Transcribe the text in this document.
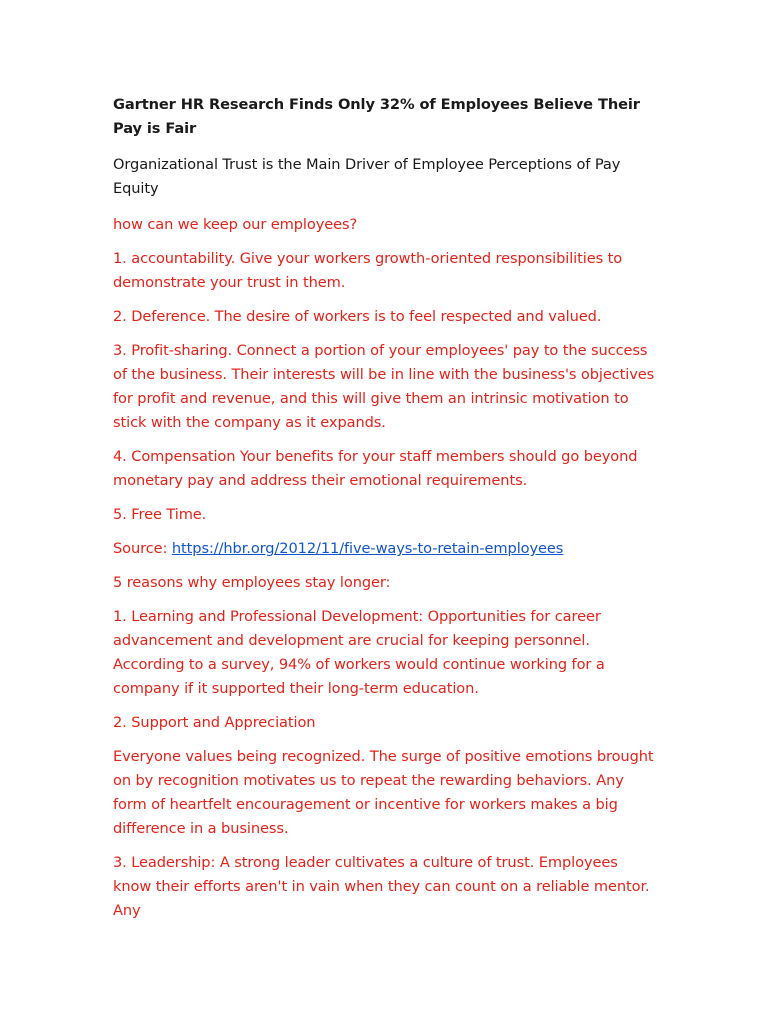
Gartner HR Research Finds Only 32% of Employees Believe Their Pay is Fair

Organizational Trust is the Main Driver of Employee Perceptions of Pay Equity

how can we keep our employees?

1. accountability. Give your workers growth-oriented responsibilities to demonstrate your trust in them.

2. Deference. The desire of workers is to feel respected and valued.

3. Profit-sharing. Connect a portion of your employees' pay to the success of the business. Their interests will be in line with the business's objectives for profit and revenue, and this will give them an intrinsic motivation to stick with the company as it expands.

4. Compensation Your benefits for your staff members should go beyond monetary pay and address their emotional requirements.

5. Free Time.

Source: https://hbr.org/2012/11/five-ways-to-retain-employees

5 reasons why employees stay longer:

1. Learning and Professional Development: Opportunities for career advancement and development are crucial for keeping personnel. According to a survey, 94% of workers would continue working for a company if it supported their long-term education.

2. Support and Appreciation

Everyone values being recognized. The surge of positive emotions brought on by recognition motivates us to repeat the rewarding behaviors. Any form of heartfelt encouragement or incentive for workers makes a big difference in a business.

3. Leadership: A strong leader cultivates a culture of trust. Employees know their efforts aren't in vain when they can count on a reliable mentor. Any
